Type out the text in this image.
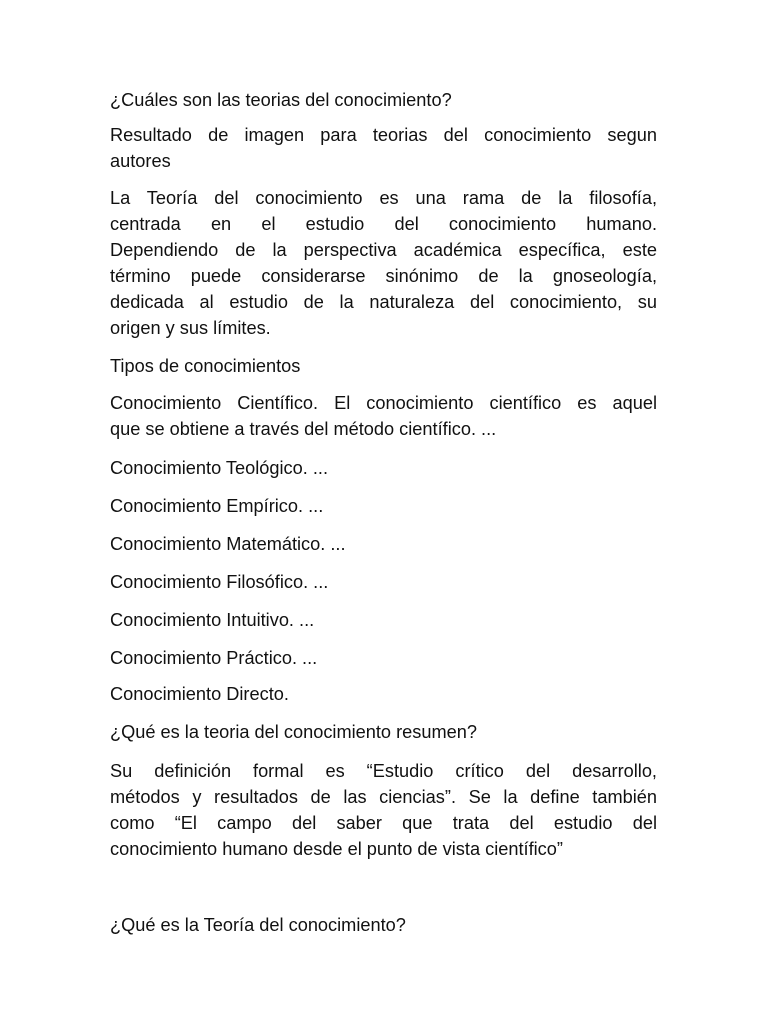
¿Cuáles son las teorias del conocimiento?

Resultado de imagen para teorias del conocimiento segun
autores
La Teoría del conocimiento es una rama de la filosofía,
centrada en el estudio del conocimiento humano.
Dependiendo de la perspectiva académica específica, este
término puede considerarse sinónimo de la gnoseología,
dedicada al estudio de la naturaleza del conocimiento, su
origen y sus límites.

Tipos de conocimientos

Conocimiento Científico. El conocimiento científico es aquel
que se obtiene a través del método científico. ...

Conocimiento Teológico. ...

Conocimiento Empírico. ...

Conocimiento Matemático. ...

Conocimiento Filosófico. ...

Conocimiento Intuitivo. ...

Conocimiento Práctico. ...

Conocimiento Directo.

¿Qué es la teoria del conocimiento resumen?

Su definición formal es “Estudio crítico del desarrollo,
métodos y resultados de las ciencias”. Se la define también
como “El campo del saber que trata del estudio del
conocimiento humano desde el punto de vista científico”

¿Qué es la Teoría del conocimiento?
